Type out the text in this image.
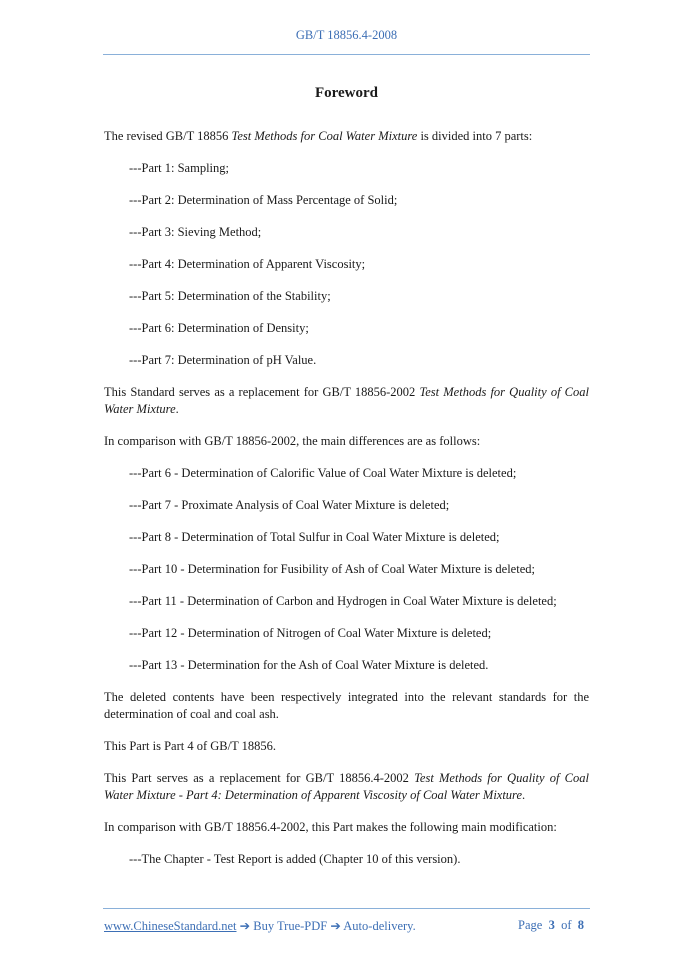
GB/T 18856.4-2008
Foreword

The revised GB/T 18856 Test Methods for Coal Water Mixture is divided into 7 parts:

---Part 1: Sampling;

---Part 2: Determination of Mass Percentage of Solid;

---Part 3: Sieving Method;

---Part 4: Determination of Apparent Viscosity;

---Part 5: Determination of the Stability;

---Part 6: Determination of Density;

---Part 7: Determination of pH Value.

This Standard serves as a replacement for GB/T 18856-2002 Test Methods for Quality of Coal Water Mixture.

In comparison with GB/T 18856-2002, the main differences are as follows:

---Part 6 - Determination of Calorific Value of Coal Water Mixture is deleted;

---Part 7 - Proximate Analysis of Coal Water Mixture is deleted;

---Part 8 - Determination of Total Sulfur in Coal Water Mixture is deleted;

---Part 10 - Determination for Fusibility of Ash of Coal Water Mixture is deleted;

---Part 11 - Determination of Carbon and Hydrogen in Coal Water Mixture is deleted;

---Part 12 - Determination of Nitrogen of Coal Water Mixture is deleted;

---Part 13 - Determination for the Ash of Coal Water Mixture is deleted.

The deleted contents have been respectively integrated into the relevant standards for the determination of coal and coal ash.

This Part is Part 4 of GB/T 18856.

This Part serves as a replacement for GB/T 18856.4-2002 Test Methods for Quality of Coal Water Mixture - Part 4: Determination of Apparent Viscosity of Coal Water Mixture.

In comparison with GB/T 18856.4-2002, this Part makes the following main modification:

---The Chapter - Test Report is added (Chapter 10 of this version).

www.ChineseStandard.net ➔ Buy True-PDF ➔ Auto-delivery.	Page 3 of 8
